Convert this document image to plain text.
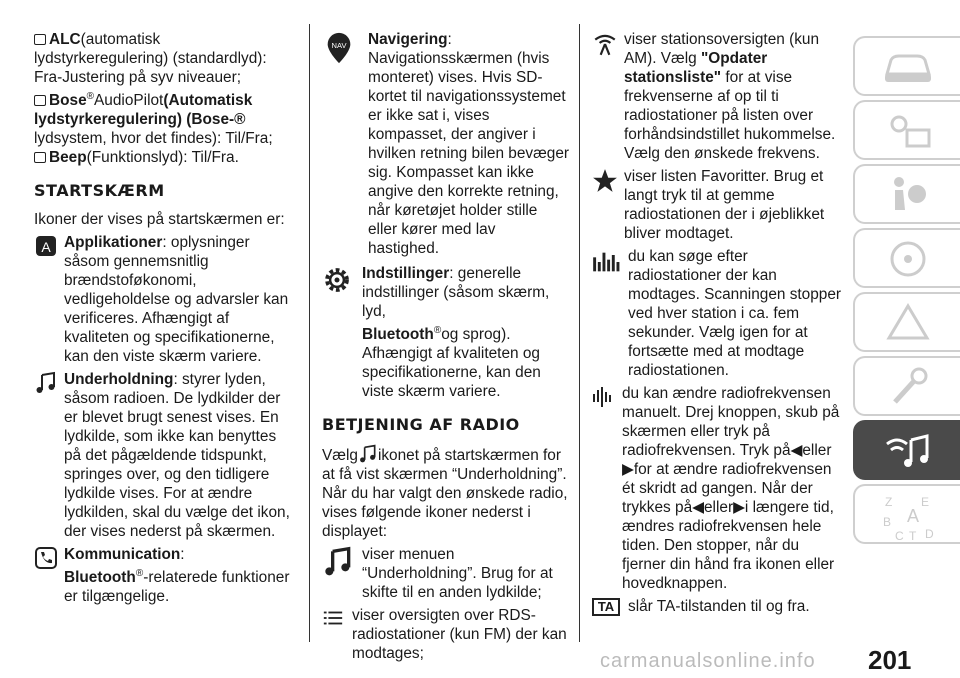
ALC(automatisk lydstyrkeregulering) (standardlyd): Fra-Justering på syv niveauer;

Bose®AudioPilot(Automatisk lydstyrkeregulering) (Bose-® lydsystem, hvor det findes): Til/Fra;

Beep(Funktionslyd): Til/Fra.

STARTSKÆRM

Ikoner der vises på startskærmen er:

A Applikationer: oplysninger såsom gennemsnitlig brændstoføkonomi, vedligeholdelse og advarsler kan verificeres. Afhængigt af kvaliteten og specifikationerne, kan den viste skærm variere.
Underholdning: styrer lyden, såsom radioen. De lydkilder der er blevet brugt senest vises. En lydkilde, som ikke kan benyttes på det pågældende tidspunkt, springes over, og den tidligere lydkilde vises. For at ændre lydkilden, skal du vælge det ikon, der vises nederst på skærmen.
Kommunication:
Bluetooth®-relaterede funktioner er tilgængelige.
NAV Navigering: Navigationsskærmen (hvis monteret) vises. Hvis SD-kortet til navigationssystemet er ikke sat i, vises kompasset, der angiver i hvilken retning bilen bevæger sig. Kompasset kan ikke angive den korrekte retning, når køretøjet holder stille eller kører med lav hastighed.
Indstillinger: generelle indstillinger (såsom skærm, lyd,
Bluetooth®og sprog). Afhængigt af kvaliteten og specifikationerne, kan den viste skærm variere.
BETJENING AF RADIO

Vælg ikonet på startskærmen for at få vist skærmen “Underholdning”. Når du har valgt den ønskede radio, vises følgende ikoner nederst i displayet:

viser menuen “Underholdning”. Brug for at skifte til en anden lydkilde;
viser oversigten over RDS-radiostationer (kun FM) der kan modtages;
viser stationsoversigten (kun AM). Vælg "Opdater stationsliste" for at vise frekvenserne af op til ti radiostationer på listen over forhåndsindstillet hukommelse. Vælg den ønskede frekvens.
viser listen Favoritter. Brug et langt tryk til at gemme radiostationen der i øjeblikket bliver modtaget.
du kan søge efter radiostationer der kan modtages. Scanningen stopper ved hver station i ca. fem sekunder. Vælg igen for at fortsætte med at modtage radiostationen.
du kan ændre radiofrekvensen manuelt. Drej knoppen, skub på skærmen eller tryk på radiofrekvensen. Tryk på◀eller ▶for at ændre radiofrekvensen ét skridt ad gangen. Når der trykkes på◀eller▶i længere tid, ændres radiofrekvensen hele tiden. Den stopper, når du fjerner din hånd fra ikonen eller hovedknappen.
TA slår TA-tilstanden til og fra.
Z E
B A
C T D
carmanualsonline.info 201
